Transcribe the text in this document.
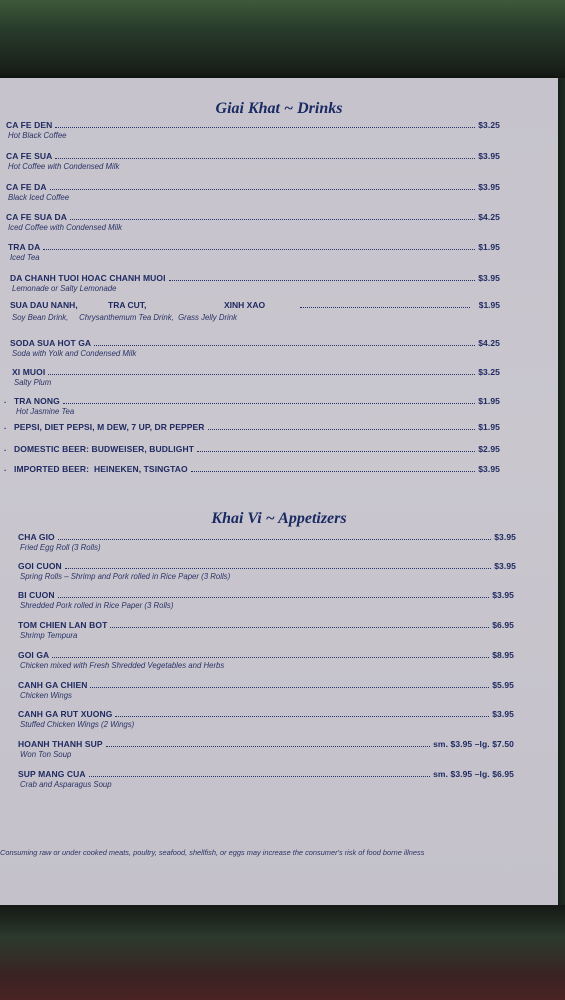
Giai Khat ~ Drinks
CA FE DEN	$3.25
Hot Black Coffee
CA FE SUA	$3.95
Hot Coffee with Condensed Milk
CA FE DA	$3.95
Black Iced Coffee
CA FE SUA DA	$4.25
Iced Coffee with Condensed Milk
TRA DA	$1.95
Iced Tea
DA CHANH TUOI HOAC CHANH MUOI	$3.95
Lemonade or Salty Lemonade
SUA DAU NANH,	TRA CUT,	XINH XAO	$1.95
Soy Bean Drink,     Chrysanthemum Tea Drink,  Grass Jelly Drink
SODA SUA HOT GA	$4.25
Soda with Yolk and Condensed Milk
XI MUOI	$3.25
Salty Plum
. TRA NONG	$1.95
Hot Jasmine Tea
. PEPSI, DIET PEPSI, M DEW, 7 UP, DR PEPPER	$1.95
. DOMESTIC BEER: BUDWEISER, BUDLIGHT	$2.95
. IMPORTED BEER:  HEINEKEN, TSINGTAO	$3.95
Khai Vi ~ Appetizers
CHA GIO	$3.95
Fried Egg Roll (3 Rolls)
GOI CUON	$3.95
Spring Rolls – Shrimp and Pork rolled in Rice Paper (3 Rolls)
BI CUON	$3.95
Shredded Pork rolled in Rice Paper (3 Rolls)
TOM CHIEN LAN BOT	$6.95
Shrimp Tempura
GOI GA	$8.95
Chicken mixed with Fresh Shredded Vegetables and Herbs
CANH GA CHIEN	$5.95
Chicken Wings
CANH GA RUT XUONG	$3.95
Stuffed Chicken Wings (2 Wings)
HOANH THANH SUP	sm. $3.95 –lg. $7.50
Won Ton Soup
SUP MANG CUA	sm. $3.95 –lg. $6.95
Crab and Asparagus Soup
Consuming raw or under cooked meats, poultry, seafood, shellfish, or eggs may increase the consumer's risk of food borne illness
